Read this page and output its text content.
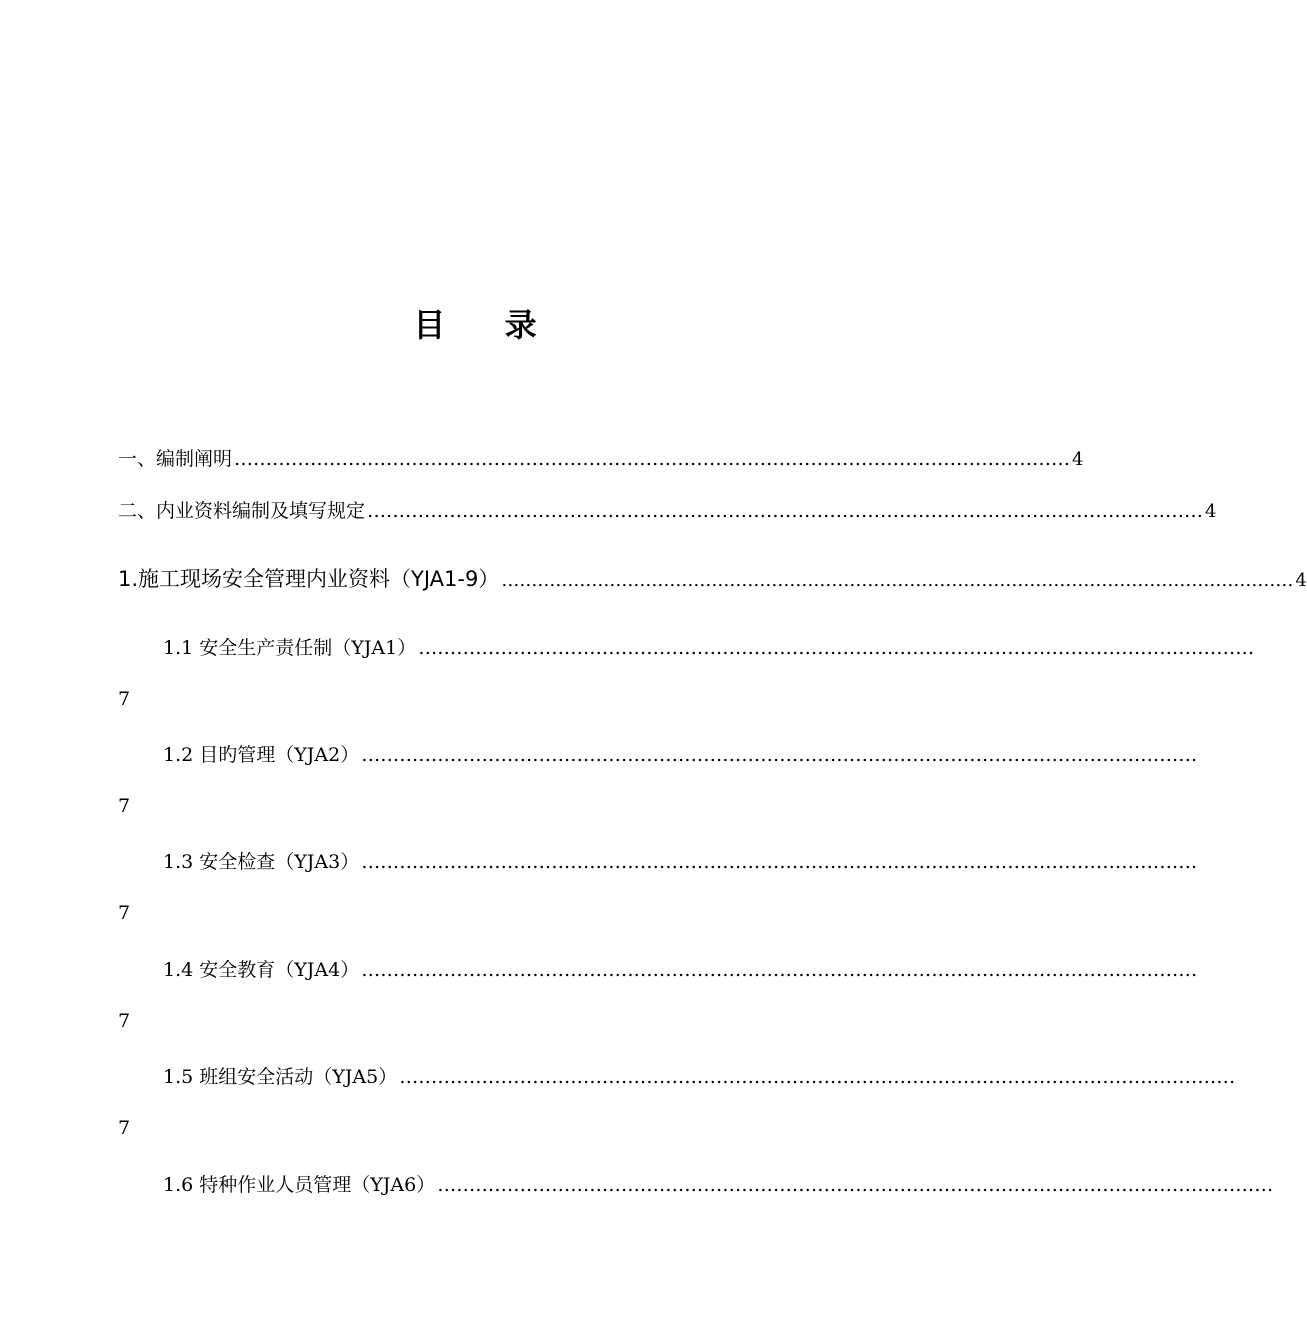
目 录
一、编制阐明 …………………………………………………………………………………………………………………… 4
二、内业资料编制及填写规定 …………………………………………………………………………………………………………………… 4
1.施工现场安全管理内业资料（YJA1-9） …………………………………………………………………………………………………………………… 4
1.1 安全生产责任制（YJA1） ……………………………………………………………………………………………………………………
7
1.2 目旳管理（YJA2） ……………………………………………………………………………………………………………………
7
1.3 安全检查（YJA3） ……………………………………………………………………………………………………………………
7
1.4 安全教育（YJA4） ……………………………………………………………………………………………………………………
7
1.5 班组安全活动（YJA5） ……………………………………………………………………………………………………………………
7
1.6 特种作业人员管理（YJA6） ……………………………………………………………………………………………………………………
